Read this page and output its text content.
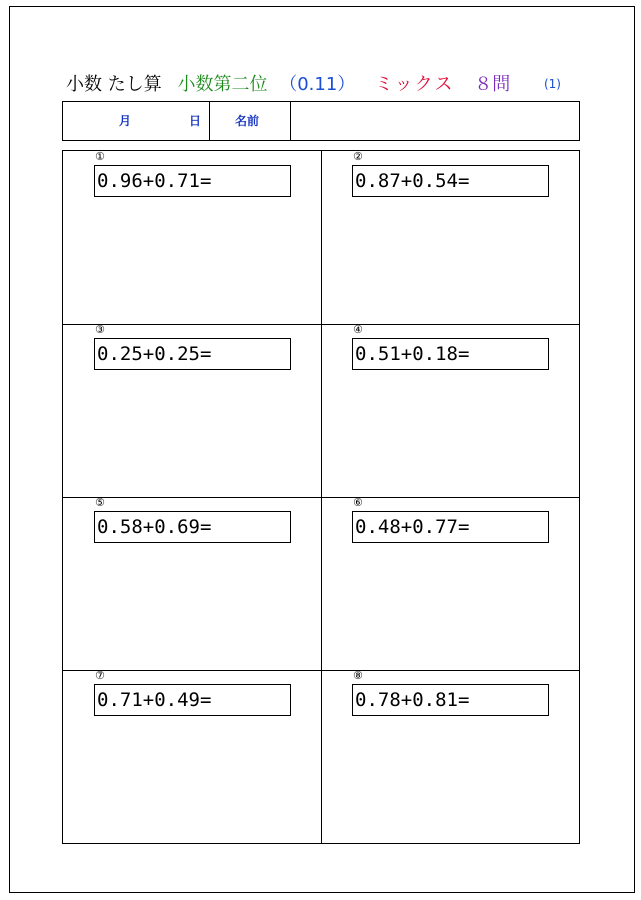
小数 たし算 小数第二位 （0.11） ミックス ８問	(1)
月	日	名前
①
0.96+0.71=
②
0.87+0.54=
③
0.25+0.25=
④
0.51+0.18=
⑤
0.58+0.69=
⑥
0.48+0.77=
⑦
0.71+0.49=
⑧
0.78+0.81=
